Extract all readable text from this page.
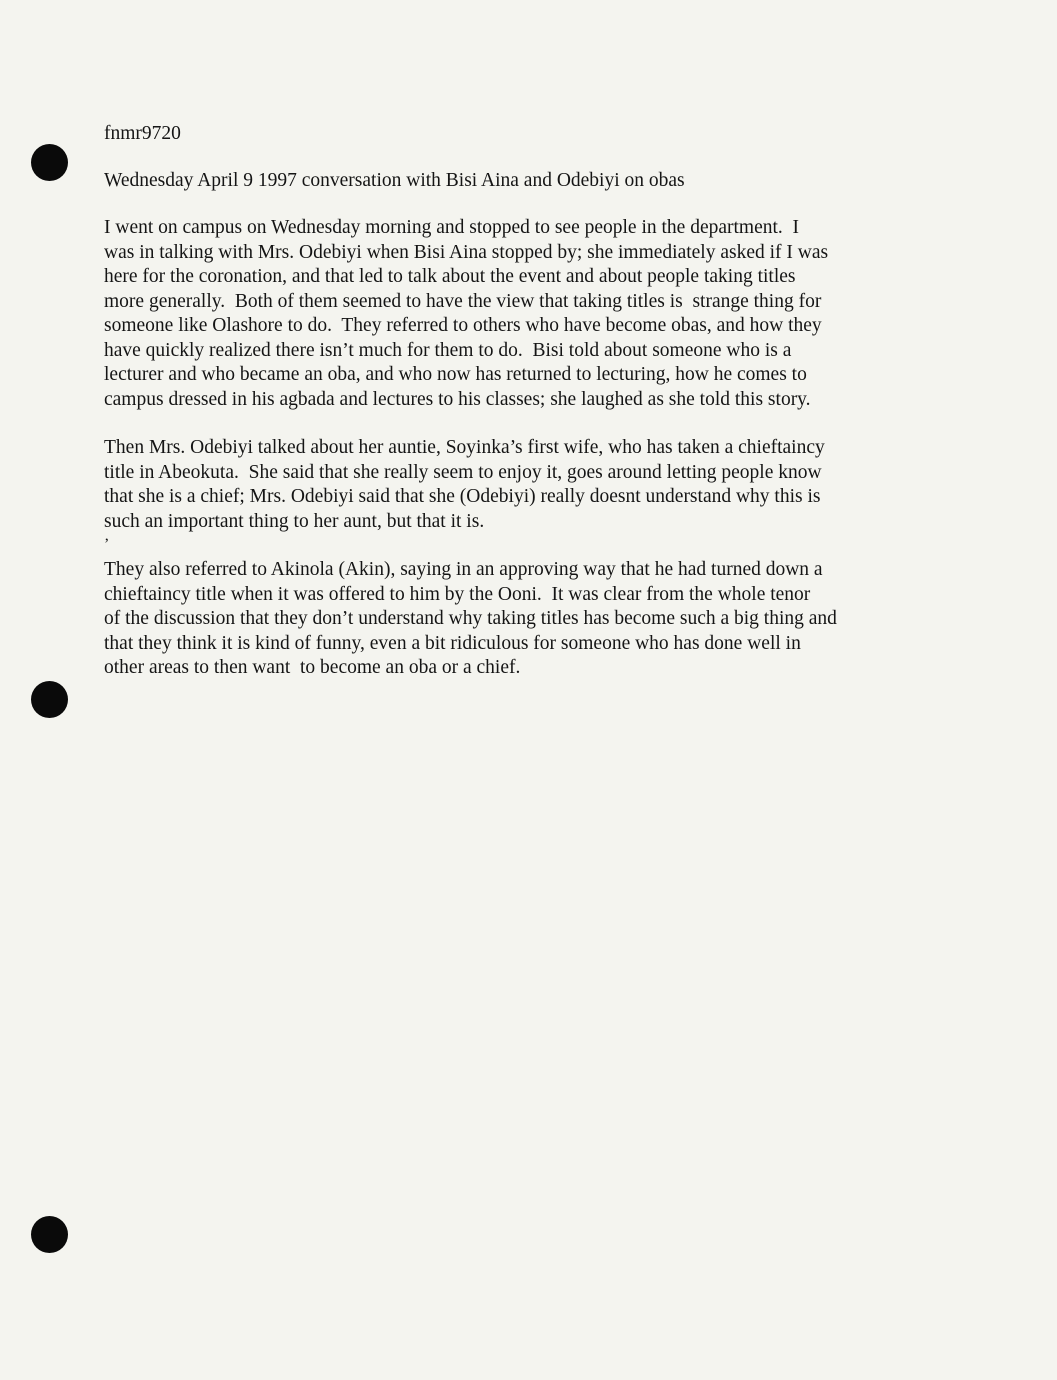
fnmr9720
Wednesday April 9 1997 conversation with Bisi Aina and Odebiyi on obas
I went on campus on Wednesday morning and stopped to see people in the department.  I
was in talking with Mrs. Odebiyi when Bisi Aina stopped by; she immediately asked if I was
here for the coronation, and that led to talk about the event and about people taking titles
more generally.  Both of them seemed to have the view that taking titles is  strange thing for
someone like Olashore to do.  They referred to others who have become obas, and how they
have quickly realized there isn’t much for them to do.  Bisi told about someone who is a
lecturer and who became an oba, and who now has returned to lecturing, how he comes to
campus dressed in his agbada and lectures to his classes; she laughed as she told this story.
Then Mrs. Odebiyi talked about her auntie, Soyinka’s first wife, who has taken a chieftaincy
title in Abeokuta.  She said that she really seem to enjoy it, goes around letting people know
that she is a chief; Mrs. Odebiyi said that she (Odebiyi) really doesnt understand why this is
such an important thing to her aunt, but that it is.
They also referred to Akinola (Akin), saying in an approving way that he had turned down a
chieftaincy title when it was offered to him by the Ooni.  It was clear from the whole tenor
of the discussion that they don’t understand why taking titles has become such a big thing and
that they think it is kind of funny, even a bit ridiculous for someone who has done well in
other areas to then want  to become an oba or a chief.
’
